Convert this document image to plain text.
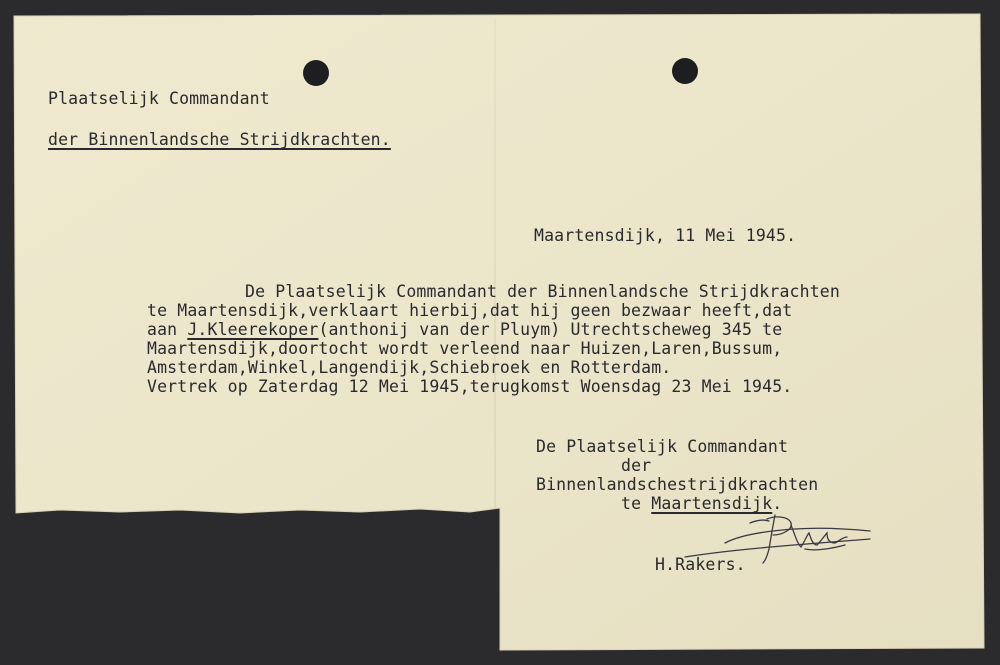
Plaatselijk Commandant
der Binnenlandsche Strijdkrachten.
Maartensdijk, 11 Mei 1945.
De Plaatselijk Commandant der Binnenlandsche Strijdkrachten
te Maartensdijk,verklaart hierbij,dat hij geen bezwaar heeft,dat
aan J.Kleerekoper(anthonij van der Pluym) Utrechtscheweg 345 te
Maartensdijk,doortocht wordt verleend naar Huizen,Laren,Bussum,
Amsterdam,Winkel,Langendijk,Schiebroek en Rotterdam.
Vertrek op Zaterdag 12 Mei 1945,terugkomst Woensdag 23 Mei 1945.
De Plaatselijk Commandant
der
Binnenlandschestrijdkrachten
te Maartensdijk.
H.Rakers.
